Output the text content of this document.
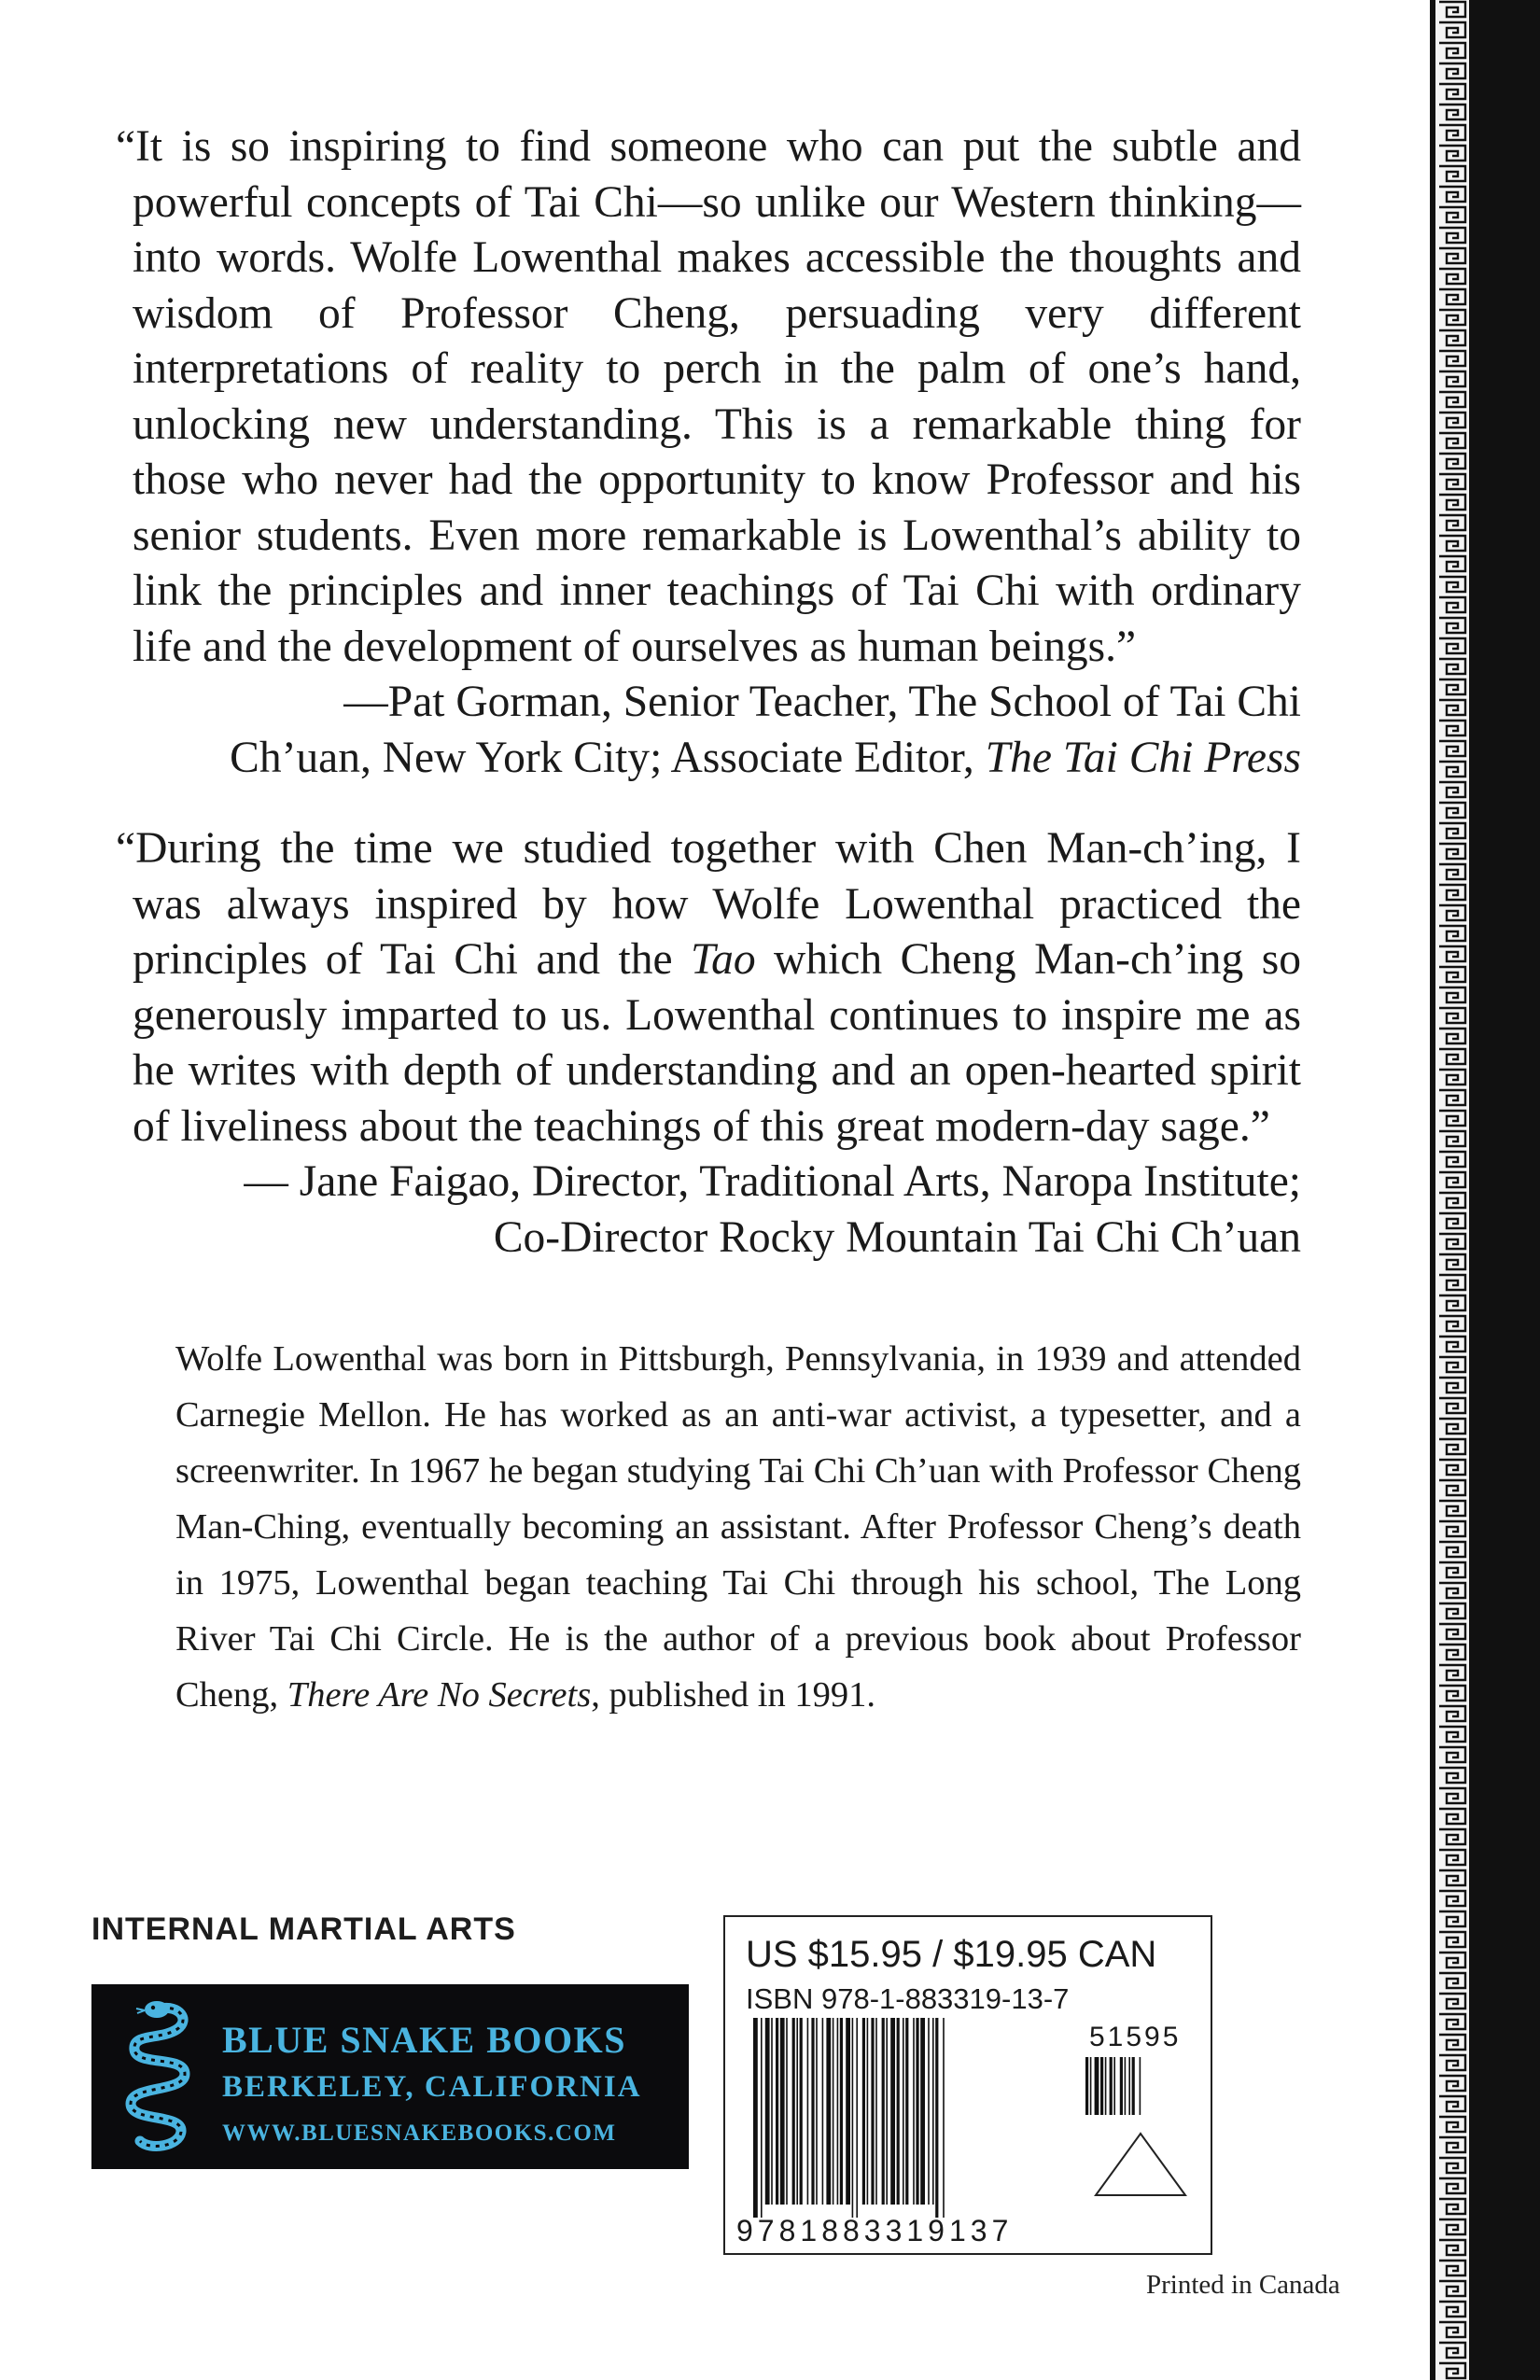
“It is so inspiring to find someone who can put the subtle and powerful concepts of Tai Chi—so unlike our Western thinking—into words. Wolfe Lowenthal makes accessible the thoughts and wisdom of Professor Cheng, persuading very different interpretations of reality to perch in the palm of one’s hand, unlocking new understanding. This is a remarkable thing for those who never had the opportunity to know Professor and his senior students. Even more remarkable is Lowenthal’s ability to link the principles and inner teachings of Tai Chi with ordinary life and the development of ourselves as human beings.”

—Pat Gorman, Senior Teacher, The School of Tai Chi
Ch’uan, New York City; Associate Editor, The Tai Chi Press

“During the time we studied together with Chen Man-ch’ing, I was always inspired by how Wolfe Lowenthal practiced the principles of Tai Chi and the Tao which Cheng Man-ch’ing so generously imparted to us. Lowenthal continues to inspire me as he writes with depth of understanding and an open-hearted spirit of liveliness about the teachings of this great modern-day sage.”

— Jane Faigao, Director, Traditional Arts, Naropa Institute;
Co-Director Rocky Mountain Tai Chi Ch’uan

Wolfe Lowenthal was born in Pittsburgh, Pennsylvania, in 1939 and attended Carnegie Mellon. He has worked as an anti-war activist, a typesetter, and a screenwriter. In 1967 he began studying Tai Chi Ch’uan with Professor Cheng Man-Ching, eventually becoming an assistant. After Professor Cheng’s death in 1975, Lowenthal began teaching Tai Chi through his school, The Long River Tai Chi Circle. He is the author of a previous book about Professor Cheng, There Are No Secrets, published in 1991.

INTERNAL MARTIAL ARTS
BLUE SNAKE BOOKS
BERKELEY, CALIFORNIA
WWW.BLUESNAKEBOOKS.COM
US $15.95 / $19.95 CAN
ISBN 978-1-883319-13-7
51595
9781883319137
Printed in Canada
